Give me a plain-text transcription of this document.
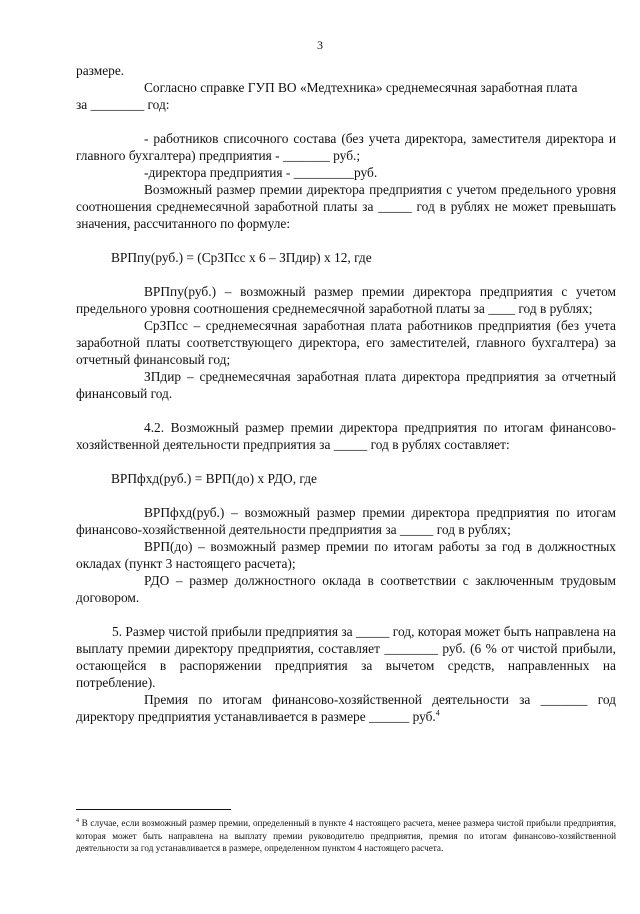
3

размере.

Согласно справке ГУП ВО «Медтехника» среднемесячная заработная плата

за ________ год:

- работников списочного состава (без учета директора, заместителя директора и главного бухгалтера) предприятия - _______ руб.;

-директора предприятия - _________руб.

Возможный размер премии директора предприятия с учетом предельного уровня соотношения среднемесячной заработной платы за _____ год в рублях не может превышать значения, рассчитанного по формуле:

ВРПпу(руб.) = (СрЗПсс х 6 – ЗПдир) х 12, где

ВРПпу(руб.) – возможный размер премии директора предприятия с учетом предельного уровня соотношения среднемесячной заработной платы за ____ год в рублях;

СрЗПсс – среднемесячная заработная плата работников предприятия (без учета заработной платы соответствующего директора, его заместителей, главного бухгалтера) за отчетный финансовый год;

ЗПдир – среднемесячная заработная плата директора предприятия за отчетный финансовый год.

4.2. Возможный размер премии директора предприятия по итогам финансово-хозяйственной деятельности предприятия за _____ год в рублях составляет:

ВРПфхд(руб.) = ВРП(до) х РДО, где

ВРПфхд(руб.) – возможный размер премии директора предприятия по итогам финансово-хозяйственной деятельности предприятия за _____ год в рублях;

ВРП(до) – возможный размер премии по итогам работы за год в должностных окладах (пункт 3 настоящего расчета);

РДО – размер должностного оклада в соответствии с заключенным трудовым договором.

5. Размер чистой прибыли предприятия за _____ год, которая может быть направлена на выплату премии директору предприятия, составляет ________ руб. (6 % от чистой прибыли, остающейся в распоряжении предприятия за вычетом средств, направленных на потребление).

Премия по итогам финансово-хозяйственной деятельности за _______ год директору предприятия устанавливается в размере ______ руб.$^4$

$^4$ В случае, если возможный размер премии, определенный в пункте 4 настоящего расчета, менее размера чистой прибыли предприятия, которая может быть направлена на выплату премии руководителю предприятия, премия по итогам финансово-хозяйственной деятельности за год устанавливается в размере, определенном пунктом 4 настоящего расчета.
